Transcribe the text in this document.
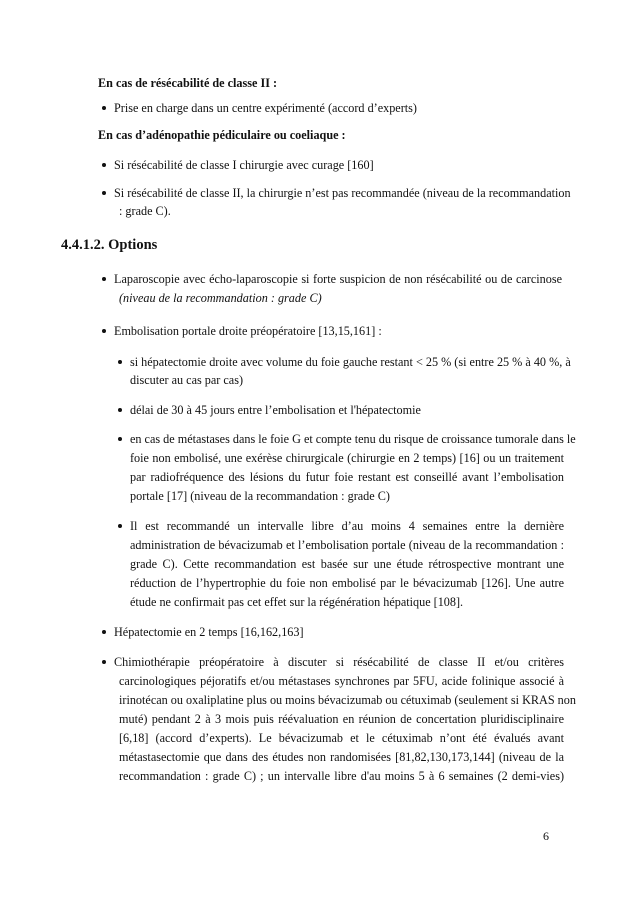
En cas de résécabilité de classe II :
Prise en charge dans un centre expérimenté (accord d’experts)
En cas d’adénopathie pédiculaire ou coeliaque :
Si résécabilité de classe I chirurgie avec curage [160]
Si résécabilité de classe II, la chirurgie n’est pas recommandée (niveau de la recommandation
: grade C).
4.4.1.2. Options
Laparoscopie avec écho-laparoscopie si forte suspicion de non résécabilité ou de carcinose
(niveau de la recommandation : grade C)
Embolisation portale droite préopératoire [13,15,161] :
si hépatectomie droite avec volume du foie gauche restant < 25 % (si entre 25 % à 40 %, à
discuter au cas par cas)
délai de 30 à 45 jours entre l’embolisation et l'hépatectomie
en cas de métastases dans le foie G et compte tenu du risque de croissance tumorale dans le
foie non embolisé, une exérèse chirurgicale (chirurgie en 2 temps) [16] ou un traitement
par radiofréquence des lésions du futur foie restant est conseillé avant l’embolisation
portale [17] (niveau de la recommandation : grade C)
Il est recommandé un intervalle libre d’au moins 4 semaines entre la dernière
administration de bévacizumab et l’embolisation portale (niveau de la recommandation :
grade C). Cette recommandation est basée sur une étude rétrospective montrant une
réduction de l’hypertrophie du foie non embolisé par le bévacizumab [126]. Une autre
étude ne confirmait pas cet effet sur la régénération hépatique [108].
Hépatectomie en 2 temps [16,162,163]
Chimiothérapie préopératoire à discuter si résécabilité de classe II et/ou critères
carcinologiques péjoratifs et/ou métastases synchrones par 5FU, acide folinique associé à
irinotécan ou oxaliplatine plus ou moins bévacizumab ou cétuximab (seulement si KRAS non
muté) pendant 2 à 3 mois puis réévaluation en réunion de concertation pluridisciplinaire
[6,18] (accord d’experts). Le bévacizumab et le cétuximab n’ont été évalués avant
métastasectomie que dans des études non randomisées [81,82,130,173,144] (niveau de la
recommandation : grade C) ; un intervalle libre d'au moins 5 à 6 semaines (2 demi-vies)
6
